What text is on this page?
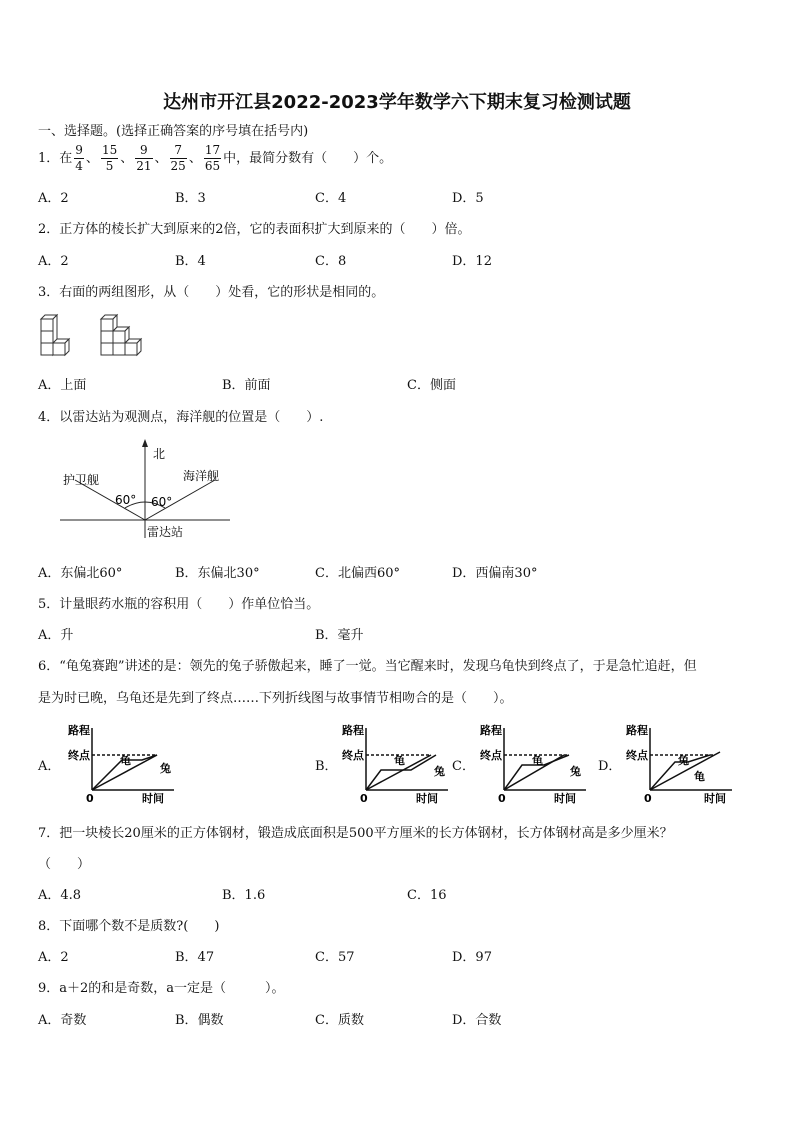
达州市开江县2022-2023学年数学六下期末复习检测试题
一、选择题。(选择正确答案的序号填在括号内)
1．在 $\frac{9}{4}$ 、 $\frac{15}{5}$ 、 $\frac{9}{21}$ 、 $\frac{7}{25}$ 、 $\frac{17}{65}$ 中，最简分数有（　　）个。
A．2	B．3	C．4	D．5
2．正方体的棱长扩大到原来的2倍，它的表面积扩大到原来的（　　）倍。
A．2	B．4	C．8	D．12
3．右面的两组图形，从（　　）处看，它的形状是相同的。
A．上面	B．前面	C．侧面
4．以雷达站为观测点，海洋舰的位置是（　　）.
北
护卫舰	海洋舰
60° 60°
雷达站
A．东偏北60°	B．东偏北30°	C．北偏西60°	D．西偏南30°
5．计量眼药水瓶的容积用（　　）作单位恰当。
A．升	B．毫升
6．“龟兔赛跑”讲述的是：领先的兔子骄傲起来，睡了一觉。当它醒来时，发现乌龟快到终点了，于是急忙追赶，但
是为时已晚，乌龟还是先到了终点……下列折线图与故事情节相吻合的是（　　）。
A．	B．	C．	D．
路程
终点
0	时间
龟
兔
路程
终点
0	时间
龟
兔
路程
终点
0	时间
龟
兔
路程
终点
0	时间
兔
龟
7．把一块棱长20厘米的正方体钢材，锻造成底面积是500平方厘米的长方体钢材，长方体钢材高是多少厘米？
（　　）
A．4.8	B．1.6	C．16
8．下面哪个数不是质数?(　　)
A．2	B．47	C．57	D．97
9．a＋2的和是奇数，a一定是（　　　）。
A．奇数	B．偶数	C．质数	D．合数
